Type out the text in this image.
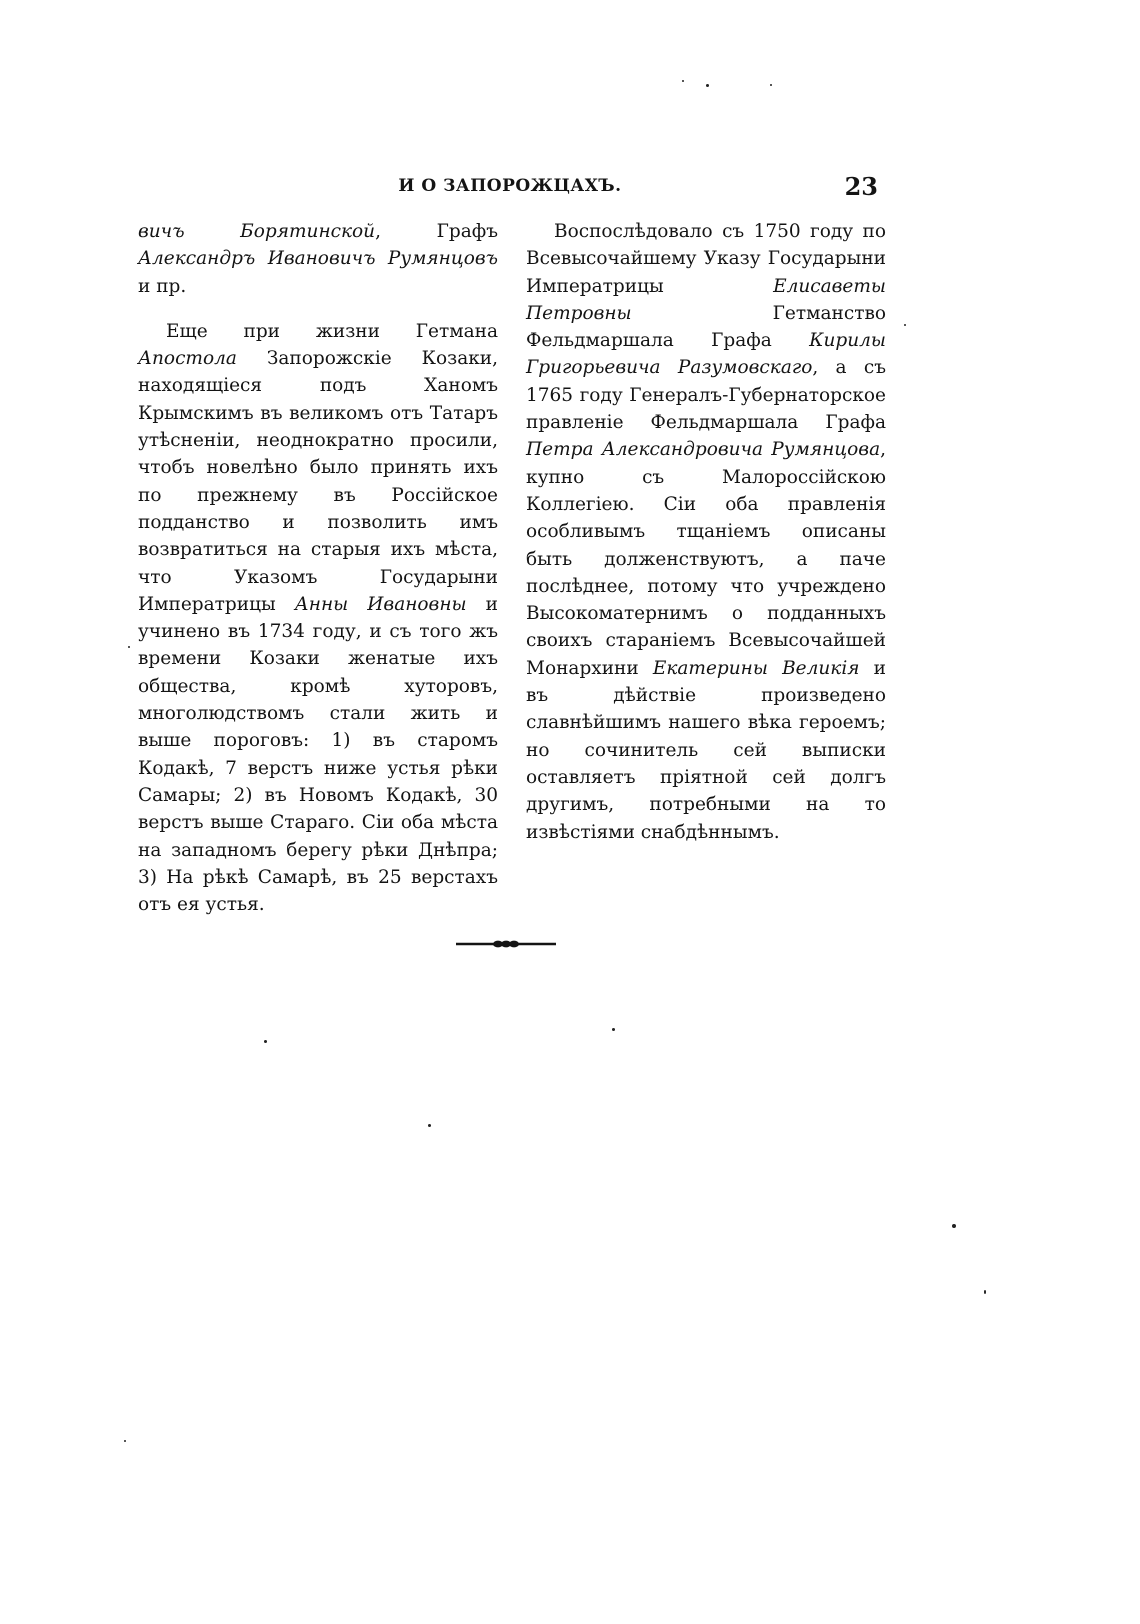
И О ЗАПОРОЖЦАХЪ.	23

вичъ Борятинской, Графъ Александръ Ивановичъ Румянцовъ и пр.

Еще при жизни Гетмана Апостола Запорожскіе Козаки, находящіеся подъ Ханомъ Крымскимъ въ великомъ отъ Татаръ утѣсненіи, неоднократно просили, чтобъ новелѣно было принять ихъ по прежнему въ Россійское подданство и позволить имъ возвратиться на старыя ихъ мѣста, что Указомъ Государыни Императрицы Анны Ивановны и учинено въ 1734 году, и съ того жъ времени Козаки женатые ихъ общества, кромѣ хуторовъ, многолюдствомъ стали жить и выше пороговъ: 1) въ старомъ Кодакѣ, 7 верстъ ниже устья рѣки Самары; 2) въ Новомъ Кодакѣ, 30 верстъ выше Стараго. Сіи оба мѣста на западномъ берегу рѣки Днѣпра; 3) На рѣкѣ Самарѣ, въ 25 верстахъ отъ ея устья.

Воспослѣдовало съ 1750 году по Всевысочайшему Указу Государыни Императрицы Елисаветы Петровны Гетманство Фельдмаршала Графа Кирилы Григорьевича Разумовскаго, а съ 1765 году Генералъ-Губернаторское правленіе Фельдмаршала Графа Петра Александровича Румянцова, купно съ Малороссійскою Коллегіею. Сіи оба правленія особливымъ тщаніемъ описаны быть долженствуютъ, а паче послѣднее, потому что учреждено Высокоматернимъ о подданныхъ своихъ стараніемъ Всевысочайшей Монархини Екатерины Великія и въ дѣйствіе произведено славнѣйшимъ нашего вѣка героемъ; но сочинитель сей выписки оставляетъ пріятной сей долгъ другимъ, потребными на то извѣстіями снабдѣннымъ.
